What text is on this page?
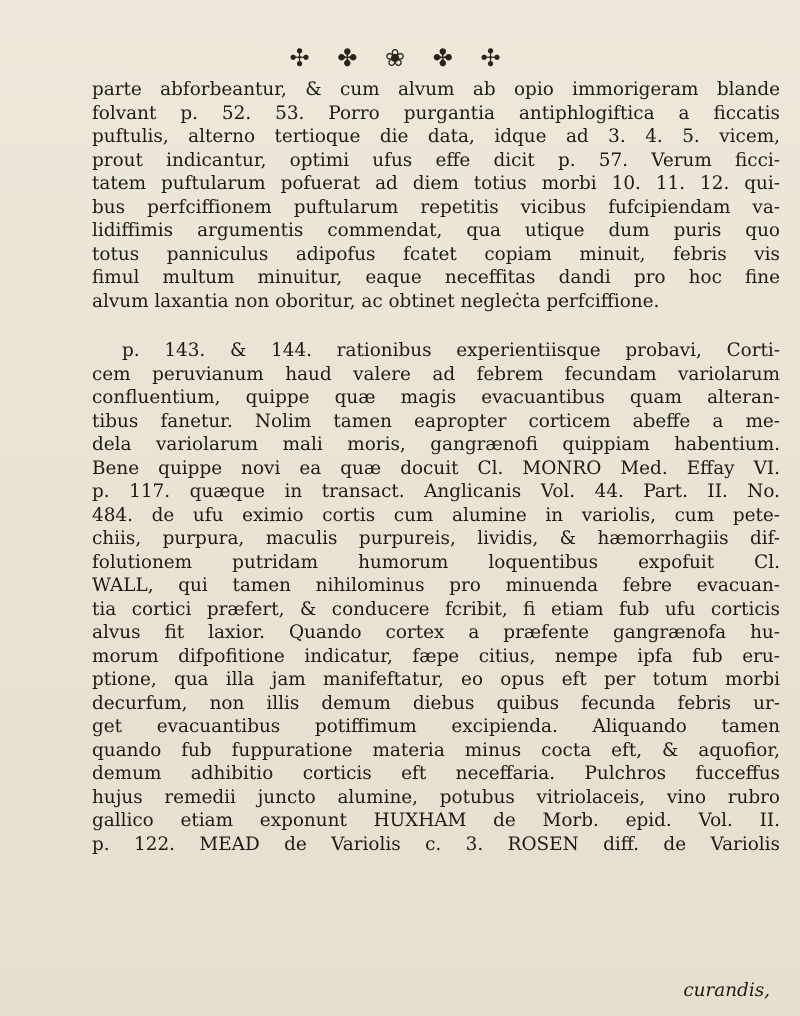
✣ ✤ ❀ ✤ ✣

parte abforbeantur, & cum alvum ab opio immorigeram blande
folvant p. 52. 53. Porro purgantia antiphlogiftica a ficcatis
puftulis, alterno tertioque die data, idque ad 3. 4. 5. vicem,
prout indicantur, optimi ufus effe dicit p. 57. Verum ficci-
tatem puftularum pofuerat ad diem totius morbi 10. 11. 12. qui-
bus perfciffionem puftularum repetitis vicibus fufcipiendam va-
lidiffimis argumentis commendat, qua utique dum puris quo
totus panniculus adipofus fcatet copiam minuit, febris vis
fimul multum minuitur, eaque neceffitas dandi pro hoc fine
alvum laxantia non oboritur, ac obtinet negleċta perfciffione.

p. 143. & 144. rationibus experientiisque probavi, Corti-
cem peruvianum haud valere ad febrem fecundam variolarum
confluentium, quippe quæ magis evacuantibus quam alteran-
tibus fanetur. Nolim tamen eapropter corticem abeffe a me-
dela variolarum mali moris, gangrænofi quippiam habentium.
Bene quippe novi ea quæ docuit Cl. MONRO Med. Effay VI.
p. 117. quæque in transact. Anglicanis Vol. 44. Part. II. No.
484. de ufu eximio cortis cum alumine in variolis, cum pete-
chiis, purpura, maculis purpureis, lividis, & hæmorrhagiis dif-
folutionem putridam humorum loquentibus expofuit Cl.
WALL, qui tamen nihilominus pro minuenda febre evacuan-
tia cortici præfert, & conducere fcribit, fi etiam fub ufu corticis
alvus fit laxior. Quando cortex a præfente gangrænofa hu-
morum difpofitione indicatur, fæpe citius, nempe ipfa fub eru-
ptione, qua illa jam manifeftatur, eo opus eft per totum morbi
decurfum, non illis demum diebus quibus fecunda febris ur-
get evacuantibus potiffimum excipienda. Aliquando tamen
quando fub fuppuratione materia minus cocta eft, & aquofior,
demum adhibitio corticis eft neceffaria. Pulchros fucceffus
hujus remedii juncto alumine, potubus vitriolaceis, vino rubro
gallico etiam exponunt HUXHAM de Morb. epid. Vol. II.
p. 122. MEAD de Variolis c. 3. ROSEN diff. de Variolis

curandis,
